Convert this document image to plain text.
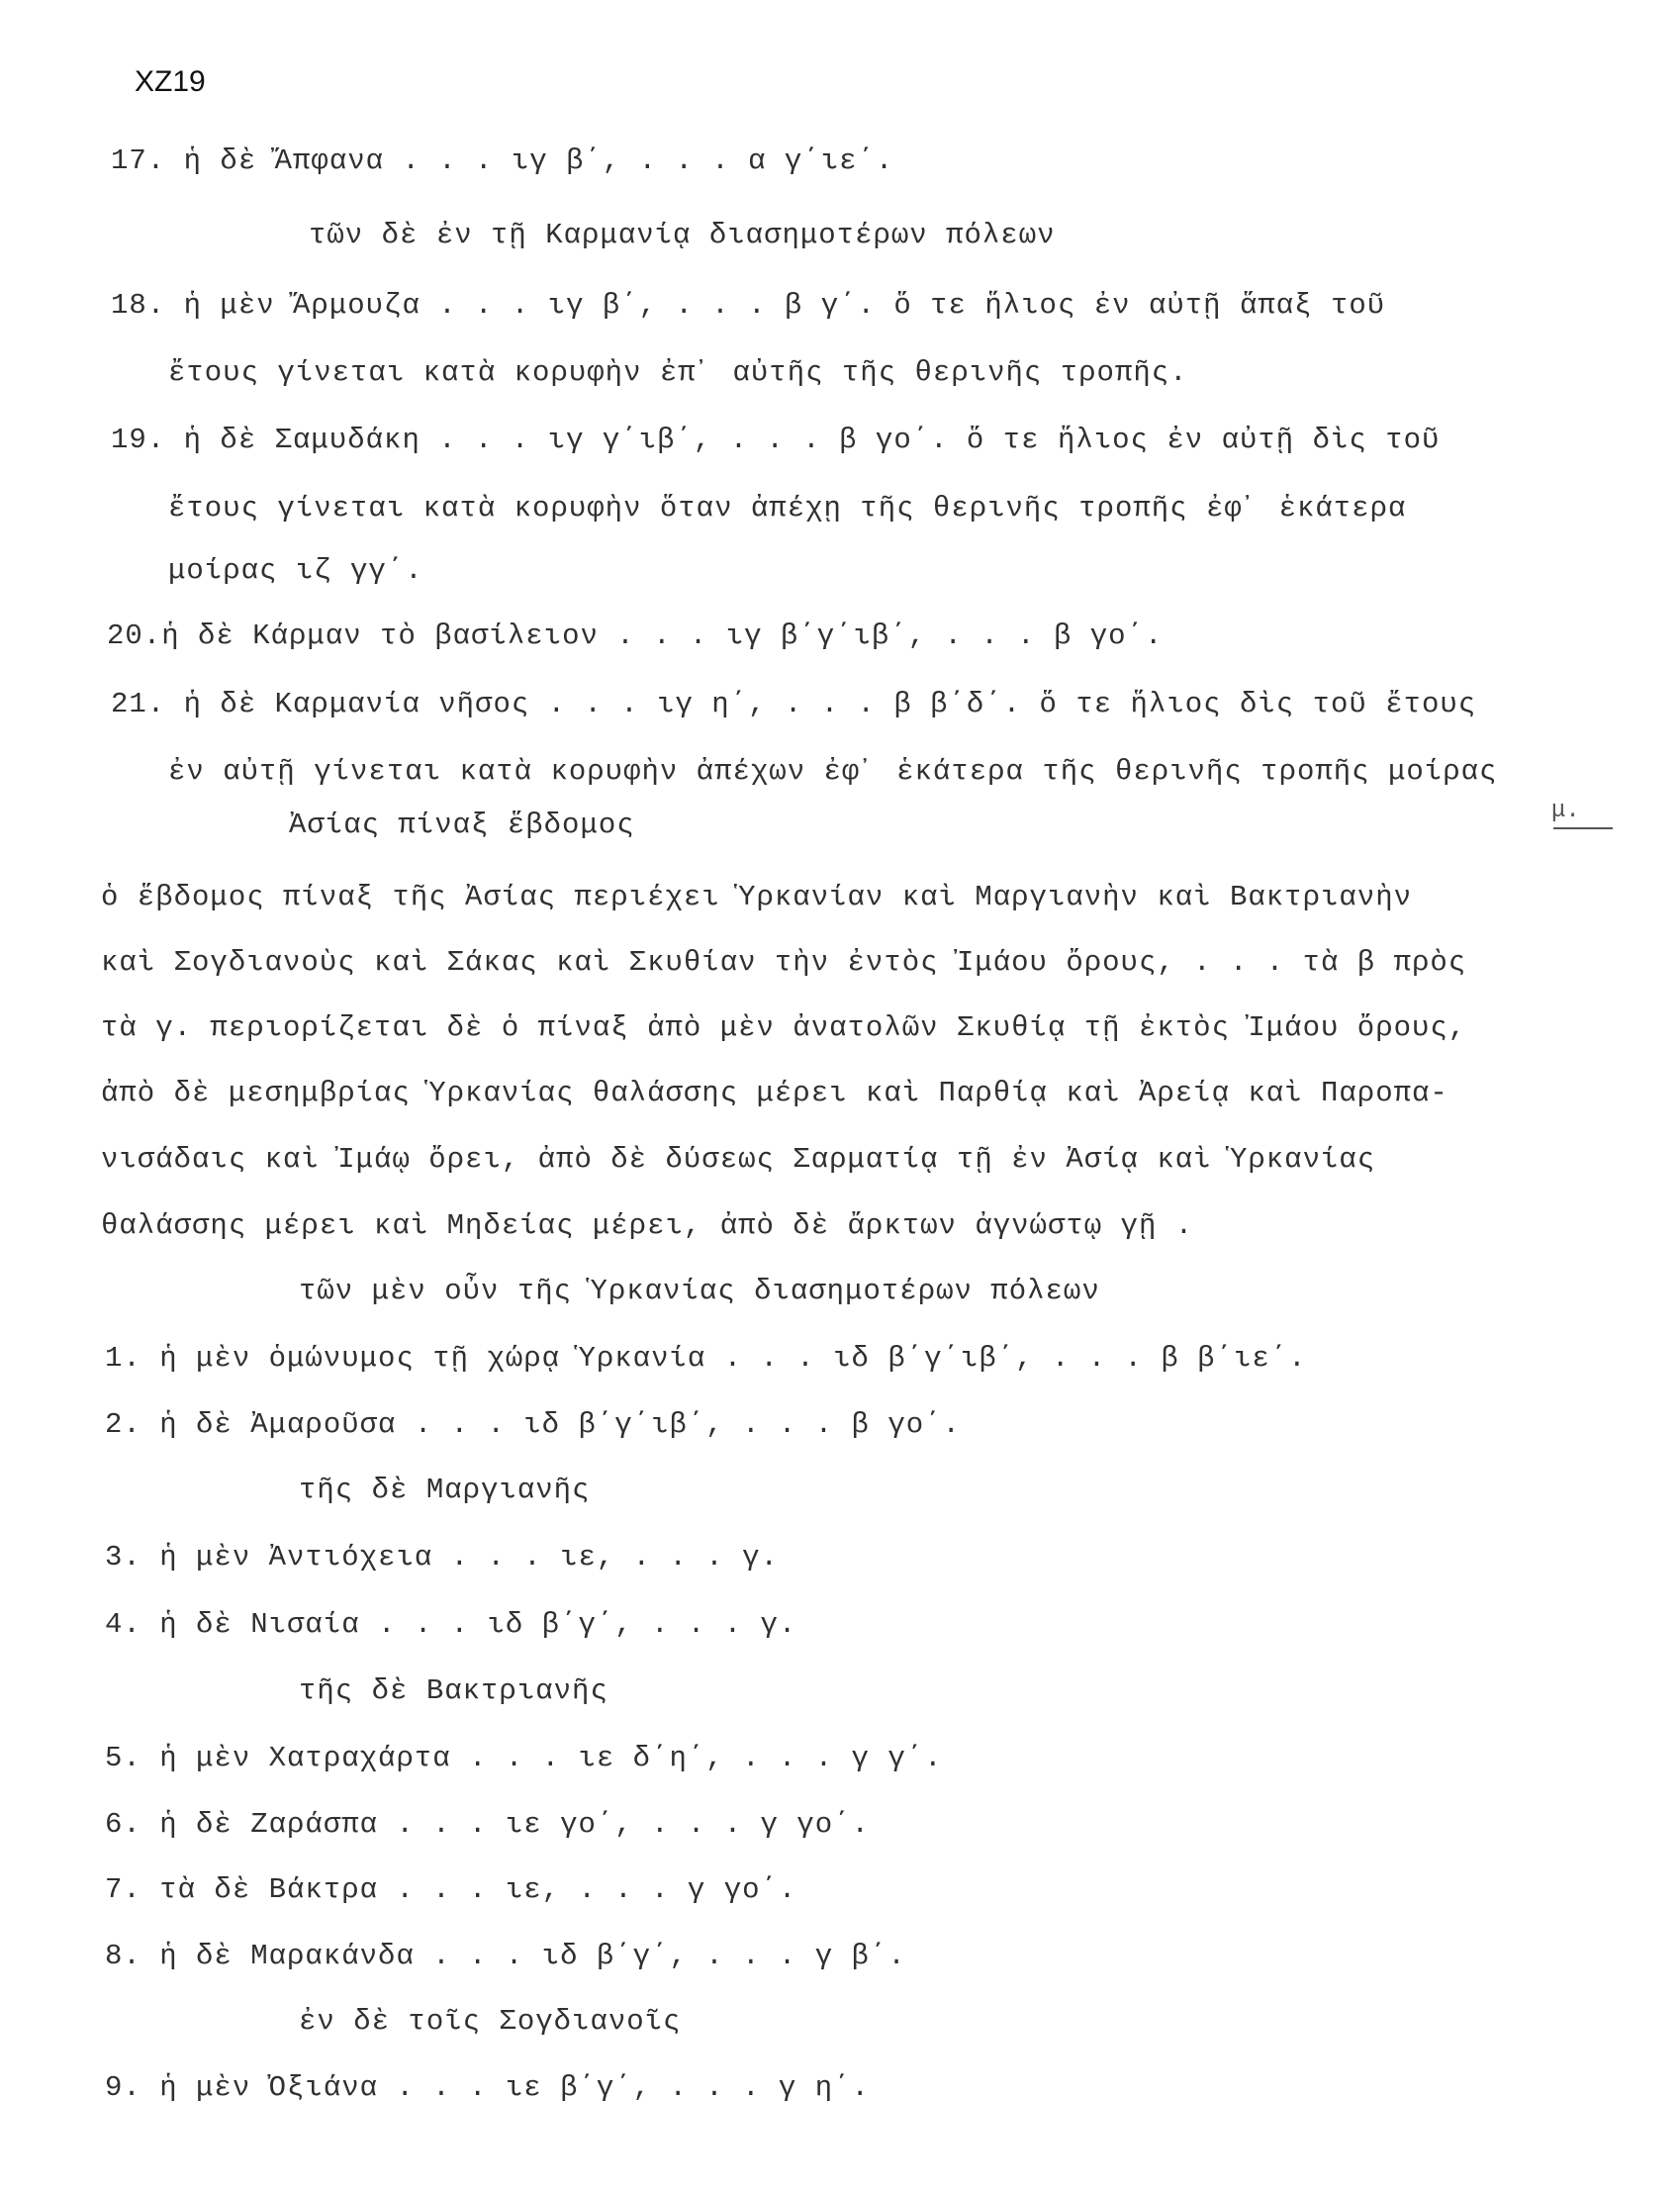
XZ19
17. ἡ δὲ Ἄπφανα . . . ιγ β΄, . . . α γ΄ιε΄.
τῶν δὲ ἐν τῇ Καρμανίᾳ διασημοτέρων πόλεων
18. ἡ μὲν Ἄρμουζα . . . ιγ β΄, . . . β γ΄. ὅ τε ἥλιος ἐν αὐτῇ ἅπαξ τοῦ
ἔτους γίνεται κατὰ κορυφὴν ἐπ᾽ αὐτῆς τῆς θερινῆς τροπῆς.
19. ἡ δὲ Σαμυδάκη . . . ιγ γ΄ιβ΄, . . . β γο΄. ὅ τε ἥλιος ἐν αὐτῇ δὶς τοῦ
ἔτους γίνεται κατὰ κορυφὴν ὅταν ἀπέχῃ τῆς θερινῆς τροπῆς ἐφ᾽ ἑκάτερα
μοίρας ιζ γγ΄.
20.ἡ δὲ Κάρμαν τὸ βασίλειον . . . ιγ β΄γ΄ιβ΄, . . . β γο΄.
21. ἡ δὲ Καρμανία νῆσος . . . ιγ η΄, . . . β β΄δ΄. ὅ τε ἥλιος δὶς τοῦ ἔτους
ἐν αὐτῇ γίνεται κατὰ κορυφὴν ἀπέχων ἐφ᾽ ἑκάτερα τῆς θερινῆς τροπῆς μοίρας
μ.
Ἀσίας πίναξ ἕβδομος
ὁ ἕβδομος πίναξ τῆς Ἀσίας περιέχει Ὑρκανίαν καὶ Μαργιανὴν καὶ Βακτριανὴν
καὶ Σογδιανοὺς καὶ Σάκας καὶ Σκυθίαν τὴν ἐντὸς Ἰμάου ὄρους, . . . τὰ β πρὸς
τὰ γ. περιορίζεται δὲ ὁ πίναξ ἀπὸ μὲν ἀνατολῶν Σκυθίᾳ τῇ ἐκτὸς Ἰμάου ὄρους,
ἀπὸ δὲ μεσημβρίας Ὑρκανίας θαλάσσης μέρει καὶ Παρθίᾳ καὶ Ἀρείᾳ καὶ Παροπα-
νισάδαις καὶ Ἰμάῳ ὄρει, ἀπὸ δὲ δύσεως Σαρματίᾳ τῇ ἐν Ἀσίᾳ καὶ Ὑρκανίας
θαλάσσης μέρει καὶ Μηδείας μέρει, ἀπὸ δὲ ἄρκτων ἀγνώστῳ γῇ .
τῶν μὲν οὖν τῆς Ὑρκανίας διασημοτέρων πόλεων
1. ἡ μὲν ὁμώνυμος τῇ χώρᾳ Ὑρκανία . . . ιδ β΄γ΄ιβ΄, . . . β β΄ιε΄.
2. ἡ δὲ Ἀμαροῦσα . . . ιδ β΄γ΄ιβ΄, . . . β γο΄.
τῆς δὲ Μαργιανῆς
3. ἡ μὲν Ἀντιόχεια . . . ιε, . . . γ.
4. ἡ δὲ Νισαία . . . ιδ β΄γ΄, . . . γ.
τῆς δὲ Βακτριανῆς
5. ἡ μὲν Χατραχάρτα . . . ιε δ΄η΄, . . . γ γ΄.
6. ἡ δὲ Ζαράσπα . . . ιε γο΄, . . . γ γο΄.
7. τὰ δὲ Βάκτρα . . . ιε, . . . γ γο΄.
8. ἡ δὲ Μαρακάνδα . . . ιδ β΄γ΄, . . . γ β΄.
ἐν δὲ τοῖς Σογδιανοῖς
9. ἡ μὲν Ὀξιάνα . . . ιε β΄γ΄, . . . γ η΄.
